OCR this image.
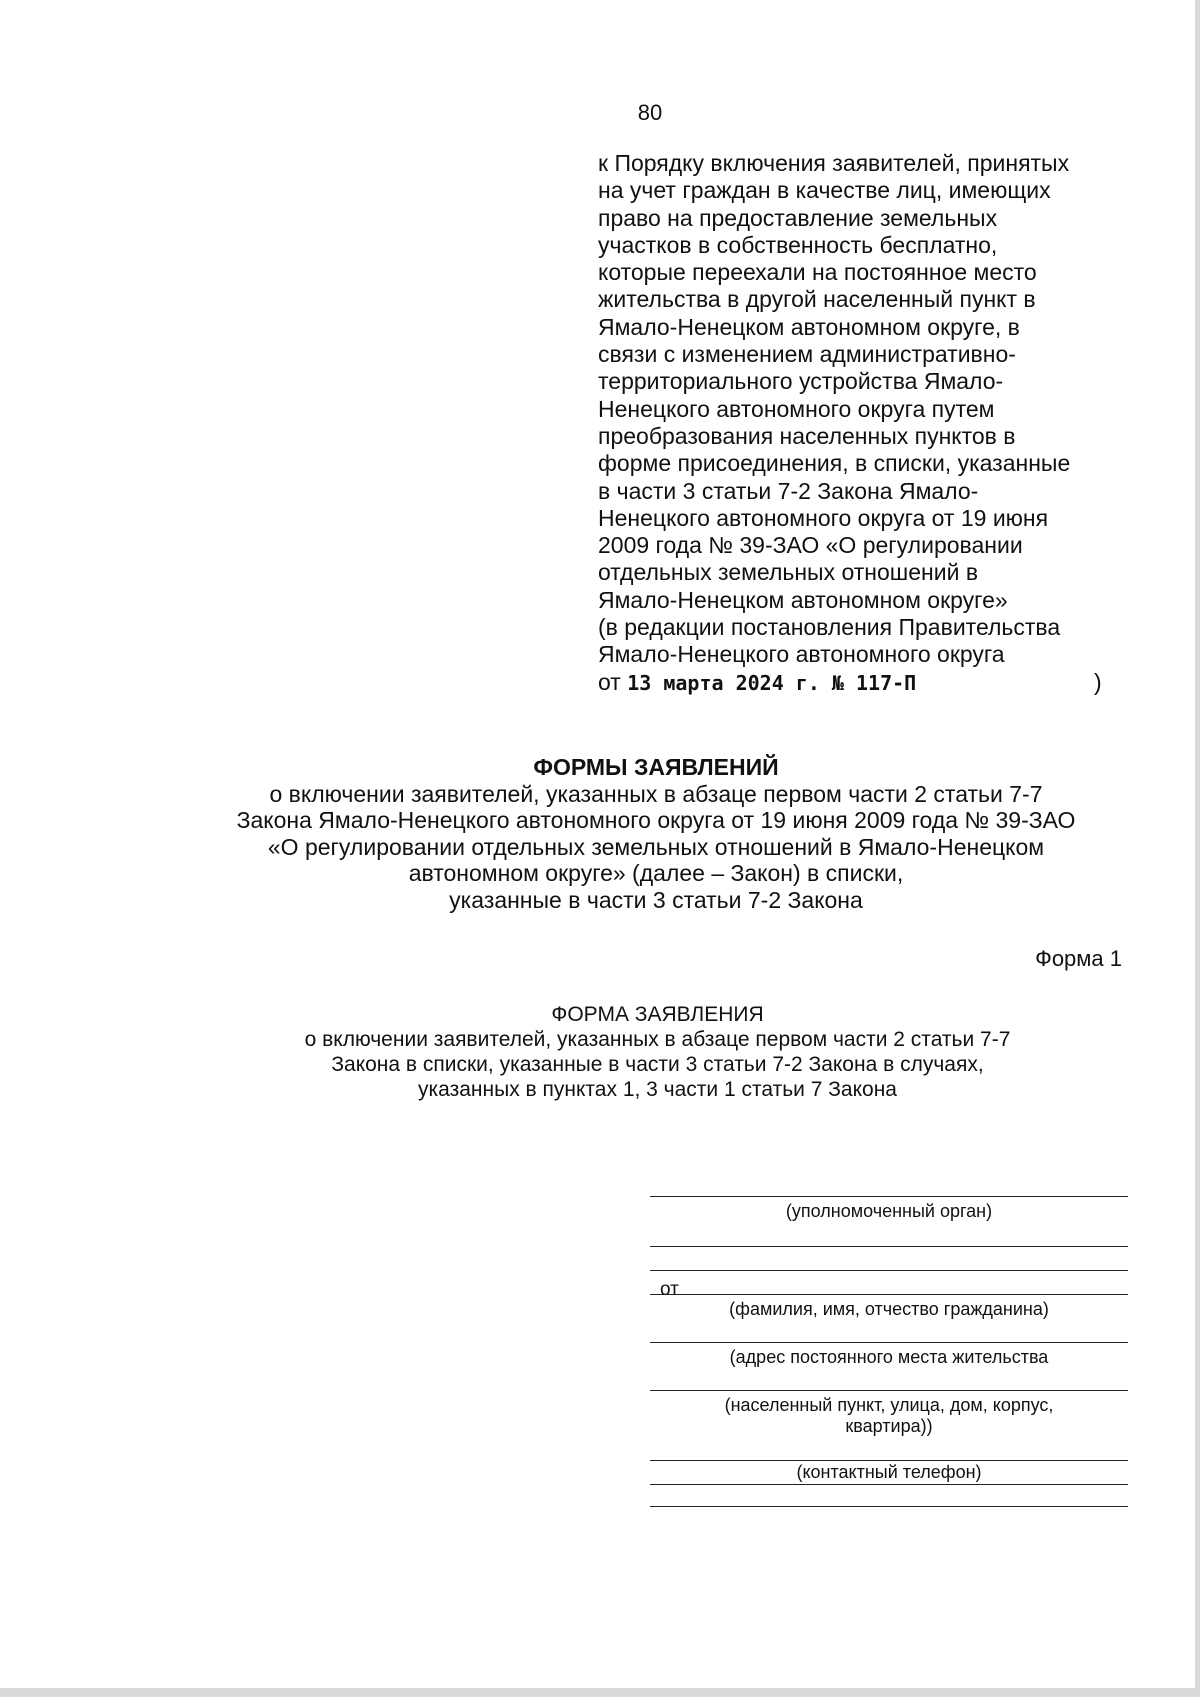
80
к Порядку включения заявителей, принятых
на учет граждан в качестве лиц, имеющих
право на предоставление земельных
участков в собственность бесплатно,
которые переехали на постоянное место
жительства в другой населенный пункт в
Ямало-Ненецком автономном округе, в
связи с изменением административно-
территориального устройства Ямало-
Ненецкого автономного округа путем
преобразования населенных пунктов в
форме присоединения, в списки, указанные
в части 3 статьи 7-2 Закона Ямало-
Ненецкого автономного округа от 19 июня
2009 года № 39-ЗАО «О регулировании
отдельных земельных отношений в
Ямало-Ненецком автономном округе»
(в редакции постановления Правительства
Ямало-Ненецкого автономного округа
от 13 марта 2024 г. № 117-П	)
ФОРМЫ ЗАЯВЛЕНИЙ
о включении заявителей, указанных в абзаце первом части 2 статьи 7-7
Закона Ямало-Ненецкого автономного округа от 19 июня 2009 года № 39-ЗАО
«О регулировании отдельных земельных отношений в Ямало-Ненецком
автономном округе» (далее – Закон) в списки,
указанные в части 3 статьи 7-2 Закона
Форма 1
ФОРМА ЗАЯВЛЕНИЯ
о включении заявителей, указанных в абзаце первом части 2 статьи 7-7
Закона в списки, указанные в части 3 статьи 7-2 Закона в случаях,
указанных в пунктах 1, 3 части 1 статьи 7 Закона
(уполномоченный орган)
от
(фамилия, имя, отчество гражданина)
(адрес постоянного места жительства
(населенный пункт, улица, дом, корпус,
квартира))
(контактный телефон)
